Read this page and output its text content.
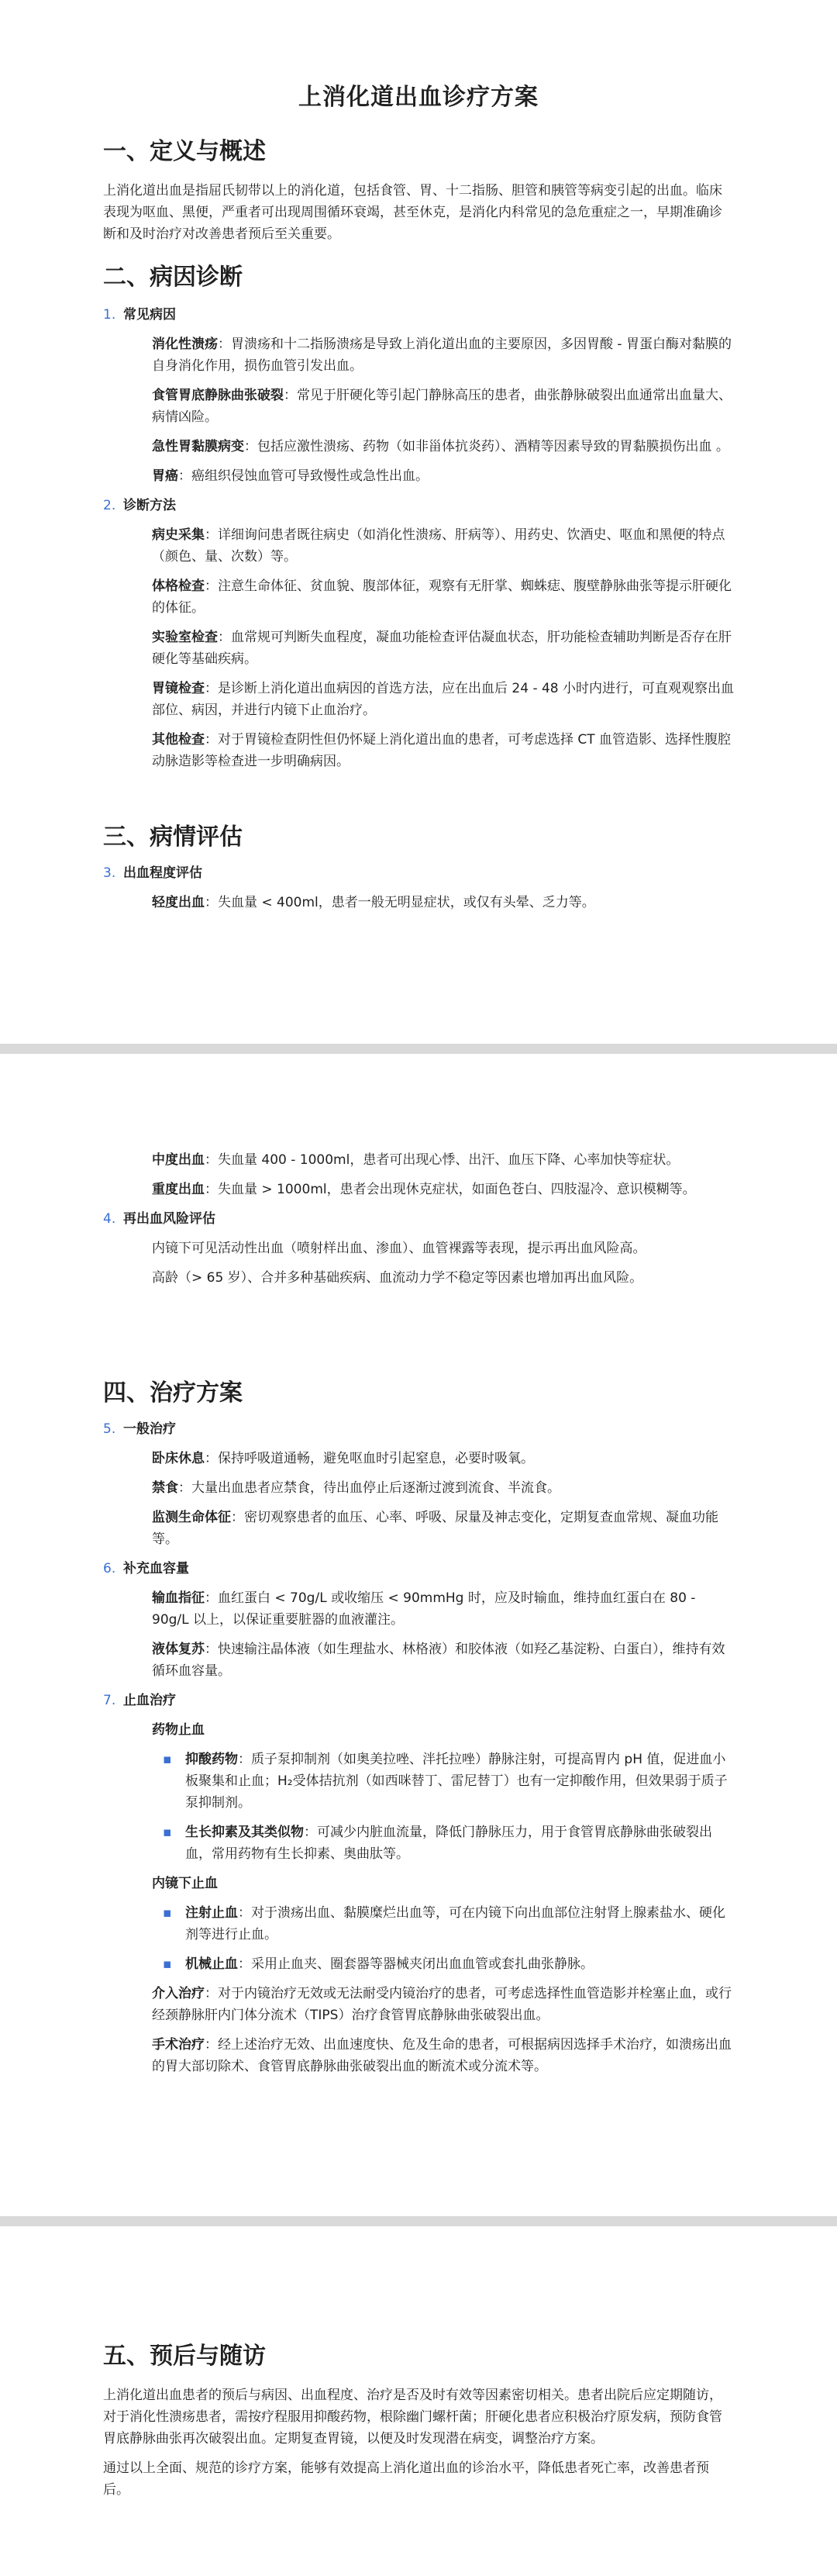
上消化道出血诊疗方案
一、定义与概述

上消化道出血是指屈氏韧带以上的消化道，包括食管、胃、十二指肠、胆管和胰管等病变引起的出血。临床表现为呕血、黑便，严重者可出现周围循环衰竭，甚至休克，是消化内科常见的急危重症之一，早期准确诊断和及时治疗对改善患者预后至关重要。

二、病因诊断
1. 常见病因

消化性溃疡：胃溃疡和十二指肠溃疡是导致上消化道出血的主要原因，多因胃酸 - 胃蛋白酶对黏膜的自身消化作用，损伤血管引发出血。

食管胃底静脉曲张破裂：常见于肝硬化等引起门静脉高压的患者，曲张静脉破裂出血通常出血量大、病情凶险。

急性胃黏膜病变：包括应激性溃疡、药物（如非甾体抗炎药）、酒精等因素导致的胃黏膜损伤出血 。

胃癌：癌组织侵蚀血管可导致慢性或急性出血。

2. 诊断方法

病史采集：详细询问患者既往病史（如消化性溃疡、肝病等）、用药史、饮酒史、呕血和黑便的特点（颜色、量、次数）等。

体格检查：注意生命体征、贫血貌、腹部体征，观察有无肝掌、蜘蛛痣、腹壁静脉曲张等提示肝硬化的体征。

实验室检查：血常规可判断失血程度，凝血功能检查评估凝血状态，肝功能检查辅助判断是否存在肝硬化等基础疾病。

胃镜检查：是诊断上消化道出血病因的首选方法，应在出血后 24 - 48 小时内进行，可直观观察出血部位、病因，并进行内镜下止血治疗。

其他检查：对于胃镜检查阴性但仍怀疑上消化道出血的患者，可考虑选择 CT 血管造影、选择性腹腔动脉造影等检查进一步明确病因。

三、病情评估
3. 出血程度评估

轻度出血：失血量 < 400ml，患者一般无明显症状，或仅有头晕、乏力等。

中度出血：失血量 400 - 1000ml，患者可出现心悸、出汗、血压下降、心率加快等症状。

重度出血：失血量 > 1000ml，患者会出现休克症状，如面色苍白、四肢湿冷、意识模糊等。

4. 再出血风险评估

内镜下可见活动性出血（喷射样出血、渗血）、血管裸露等表现，提示再出血风险高。

高龄（> 65 岁）、合并多种基础疾病、血流动力学不稳定等因素也增加再出血风险。

四、治疗方案
5. 一般治疗

卧床休息：保持呼吸道通畅，避免呕血时引起窒息，必要时吸氧。

禁食：大量出血患者应禁食，待出血停止后逐渐过渡到流食、半流食。

监测生命体征：密切观察患者的血压、心率、呼吸、尿量及神志变化，定期复查血常规、凝血功能等。

6. 补充血容量

输血指征：血红蛋白 < 70g/L 或收缩压 < 90mmHg 时，应及时输血，维持血红蛋白在 80 - 90g/L 以上，以保证重要脏器的血液灌注。

液体复苏：快速输注晶体液（如生理盐水、林格液）和胶体液（如羟乙基淀粉、白蛋白），维持有效循环血容量。

7. 止血治疗

药物止血

▪ 抑酸药物：质子泵抑制剂（如奥美拉唑、泮托拉唑）静脉注射，可提高胃内 pH 值，促进血小板聚集和止血；H₂受体拮抗剂（如西咪替丁、雷尼替丁）也有一定抑酸作用，但效果弱于质子泵抑制剂。
▪ 生长抑素及其类似物：可减少内脏血流量，降低门静脉压力，用于食管胃底静脉曲张破裂出血，常用药物有生长抑素、奥曲肽等。

内镜下止血

▪ 注射止血：对于溃疡出血、黏膜糜烂出血等，可在内镜下向出血部位注射肾上腺素盐水、硬化剂等进行止血。
▪ 机械止血：采用止血夹、圈套器等器械夹闭出血血管或套扎曲张静脉。

介入治疗：对于内镜治疗无效或无法耐受内镜治疗的患者，可考虑选择性血管造影并栓塞止血，或行经颈静脉肝内门体分流术（TIPS）治疗食管胃底静脉曲张破裂出血。

手术治疗：经上述治疗无效、出血速度快、危及生命的患者，可根据病因选择手术治疗，如溃疡出血的胃大部切除术、食管胃底静脉曲张破裂出血的断流术或分流术等。

五、预后与随访

上消化道出血患者的预后与病因、出血程度、治疗是否及时有效等因素密切相关。患者出院后应定期随访，对于消化性溃疡患者，需按疗程服用抑酸药物，根除幽门螺杆菌；肝硬化患者应积极治疗原发病，预防食管胃底静脉曲张再次破裂出血。定期复查胃镜，以便及时发现潜在病变，调整治疗方案。

通过以上全面、规范的诊疗方案，能够有效提高上消化道出血的诊治水平，降低患者死亡率，改善患者预后。
